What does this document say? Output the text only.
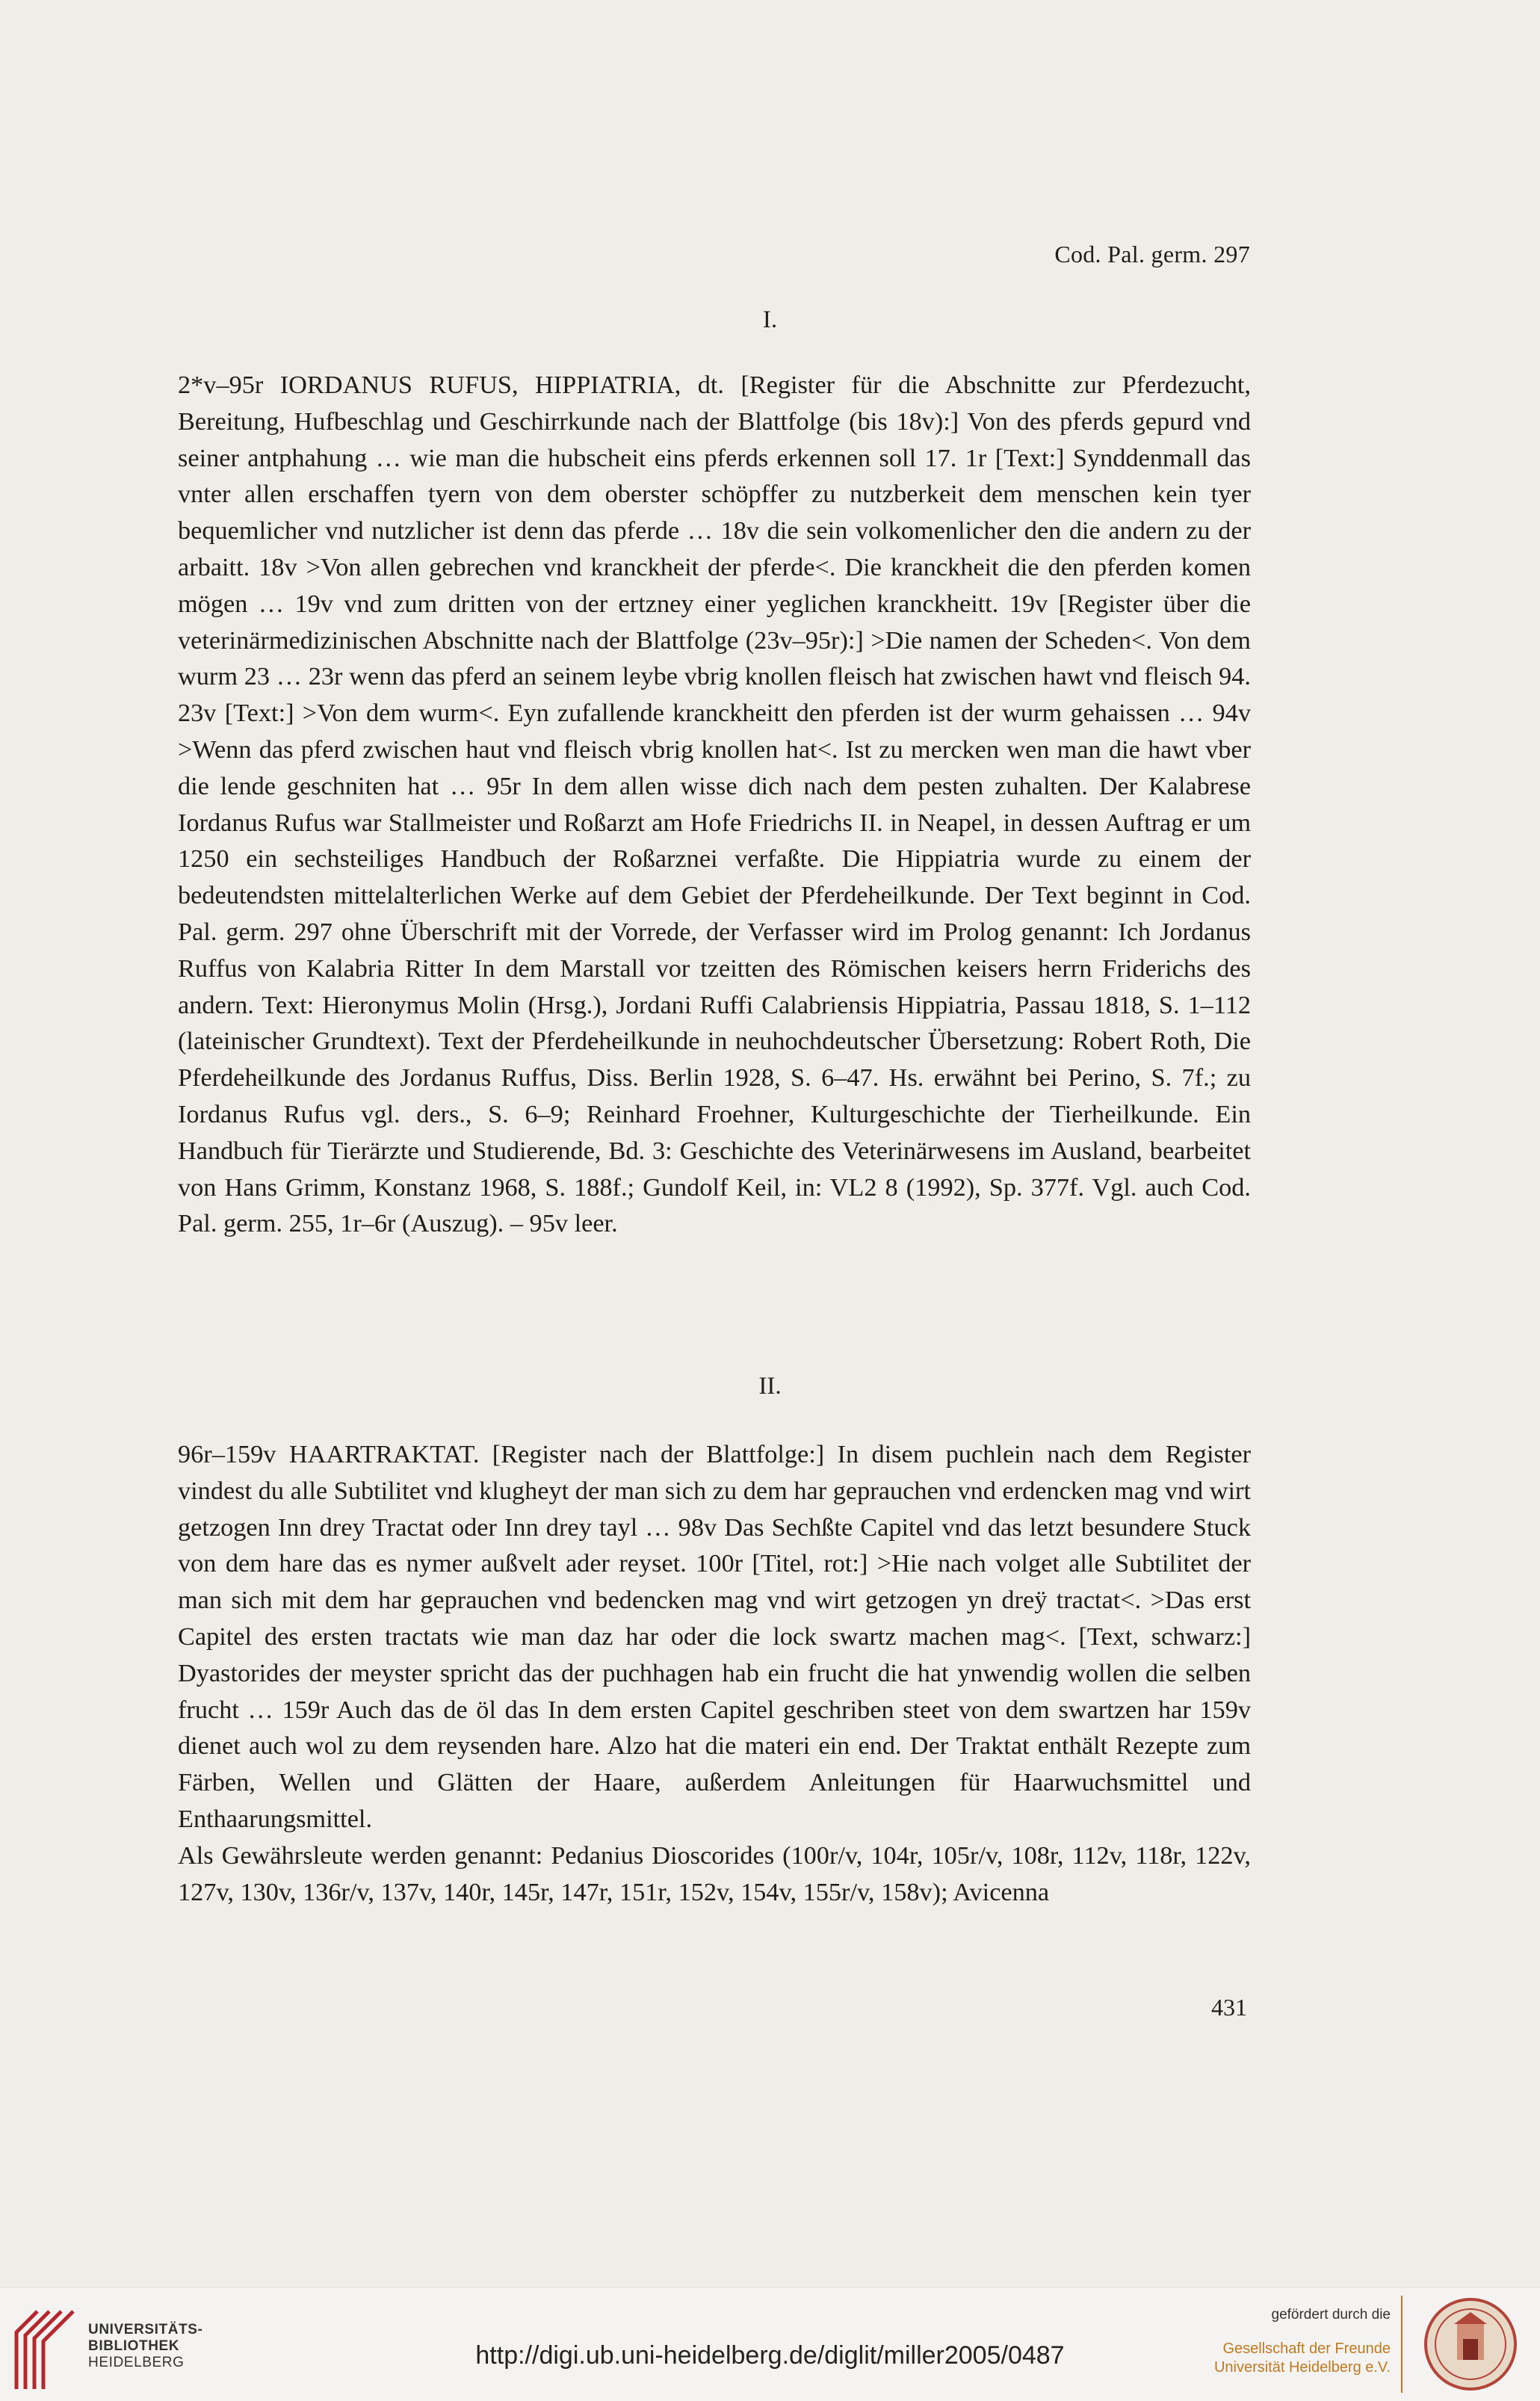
Cod. Pal. germ. 297
I.

2*v–95r IORDANUS RUFUS, HIPPIATRIA, dt. [Register für die Abschnitte zur Pferdezucht, Bereitung, Hufbeschlag und Geschirrkunde nach der Blattfolge (bis 18v):] Von des pferds gepurd vnd seiner antphahung … wie man die hubscheit eins pferds erkennen soll 17. 1r [Text:] Synddenmall das vnter allen erschaffen tyern von dem oberster schöpffer zu nutzberkeit dem menschen kein tyer bequemlicher vnd nutzlicher ist denn das pferde … 18v die sein volkomenlicher den die andern zu der arbaitt. 18v >Von allen gebrechen vnd kranckheit der pferde<. Die kranckheit die den pferden komen mögen … 19v vnd zum dritten von der ertzney einer yeglichen kranckheitt. 19v [Register über die veterinärmedizinischen Abschnitte nach der Blattfolge (23v–95r):] >Die namen der Scheden<. Von dem wurm 23 … 23r wenn das pferd an seinem leybe vbrig knollen fleisch hat zwischen hawt vnd fleisch 94. 23v [Text:] >Von dem wurm<. Eyn zufallende kranckheitt den pferden ist der wurm gehaissen … 94v >Wenn das pferd zwischen haut vnd fleisch vbrig knollen hat<. Ist zu mercken wen man die hawt vber die lende geschniten hat … 95r In dem allen wisse dich nach dem pesten zuhalten. Der Kalabrese Iordanus Rufus war Stallmeister und Roßarzt am Hofe Friedrichs II. in Neapel, in dessen Auftrag er um 1250 ein sechsteiliges Handbuch der Roßarznei verfaßte. Die Hippiatria wurde zu einem der bedeutendsten mittelalterlichen Werke auf dem Gebiet der Pferdeheilkunde. Der Text beginnt in Cod. Pal. germ. 297 ohne Überschrift mit der Vorrede, der Verfasser wird im Prolog genannt: Ich Jordanus Ruffus von Kalabria Ritter In dem Marstall vor tzeitten des Römischen keisers herrn Friderichs des andern. Text: Hieronymus Molin (Hrsg.), Jordani Ruffi Calabriensis Hippiatria, Passau 1818, S. 1–112 (lateinischer Grundtext). Text der Pferdeheilkunde in neuhochdeutscher Übersetzung: Robert Roth, Die Pferdeheilkunde des Jordanus Ruffus, Diss. Berlin 1928, S. 6–47. Hs. erwähnt bei Perino, S. 7f.; zu Iordanus Rufus vgl. ders., S. 6–9; Reinhard Froehner, Kulturgeschichte der Tierheilkunde. Ein Handbuch für Tierärzte und Studierende, Bd. 3: Geschichte des Veterinärwesens im Ausland, bearbeitet von Hans Grimm, Konstanz 1968, S. 188f.; Gundolf Keil, in: VL2 8 (1992), Sp. 377f. Vgl. auch Cod. Pal. germ. 255, 1r–6r (Auszug). – 95v leer.

II.

96r–159v HAARTRAKTAT. [Register nach der Blattfolge:] In disem puchlein nach dem Register vindest du alle Subtilitet vnd klugheyt der man sich zu dem har geprauchen vnd erdencken mag vnd wirt getzogen Inn drey Tractat oder Inn drey tayl … 98v Das Sechßte Capitel vnd das letzt besundere Stuck von dem hare das es nymer außvelt ader reyset. 100r [Titel, rot:] >Hie nach volget alle Subtilitet der man sich mit dem har geprauchen vnd bedencken mag vnd wirt getzogen yn dreÿ tractat<. >Das erst Capitel des ersten tractats wie man daz har oder die lock swartz machen mag<. [Text, schwarz:] Dyastorides der meyster spricht das der puchhagen hab ein frucht die hat ynwendig wollen die selben frucht … 159r Auch das de öl das In dem ersten Capitel geschriben steet von dem swartzen har 159v dienet auch wol zu dem reysenden hare. Alzo hat die materi ein end. Der Traktat enthält Rezepte zum Färben, Wellen und Glätten der Haare, außerdem Anleitungen für Haarwuchsmittel und Enthaarungsmittel.

Als Gewährsleute werden genannt: Pedanius Dioscorides (100r/v, 104r, 105r/v, 108r, 112v, 118r, 122v, 127v, 130v, 136r/v, 137v, 140r, 145r, 147r, 151r, 152v, 154v, 155r/v, 158v); Avicenna

431
UNIVERSITÄTS-
BIBLIOTHEK
HEIDELBERG	http://digi.ub.uni-heidelberg.de/diglit/miller2005/0487
gefördert durch die
Gesellschaft der Freunde
Universität Heidelberg e.V.
